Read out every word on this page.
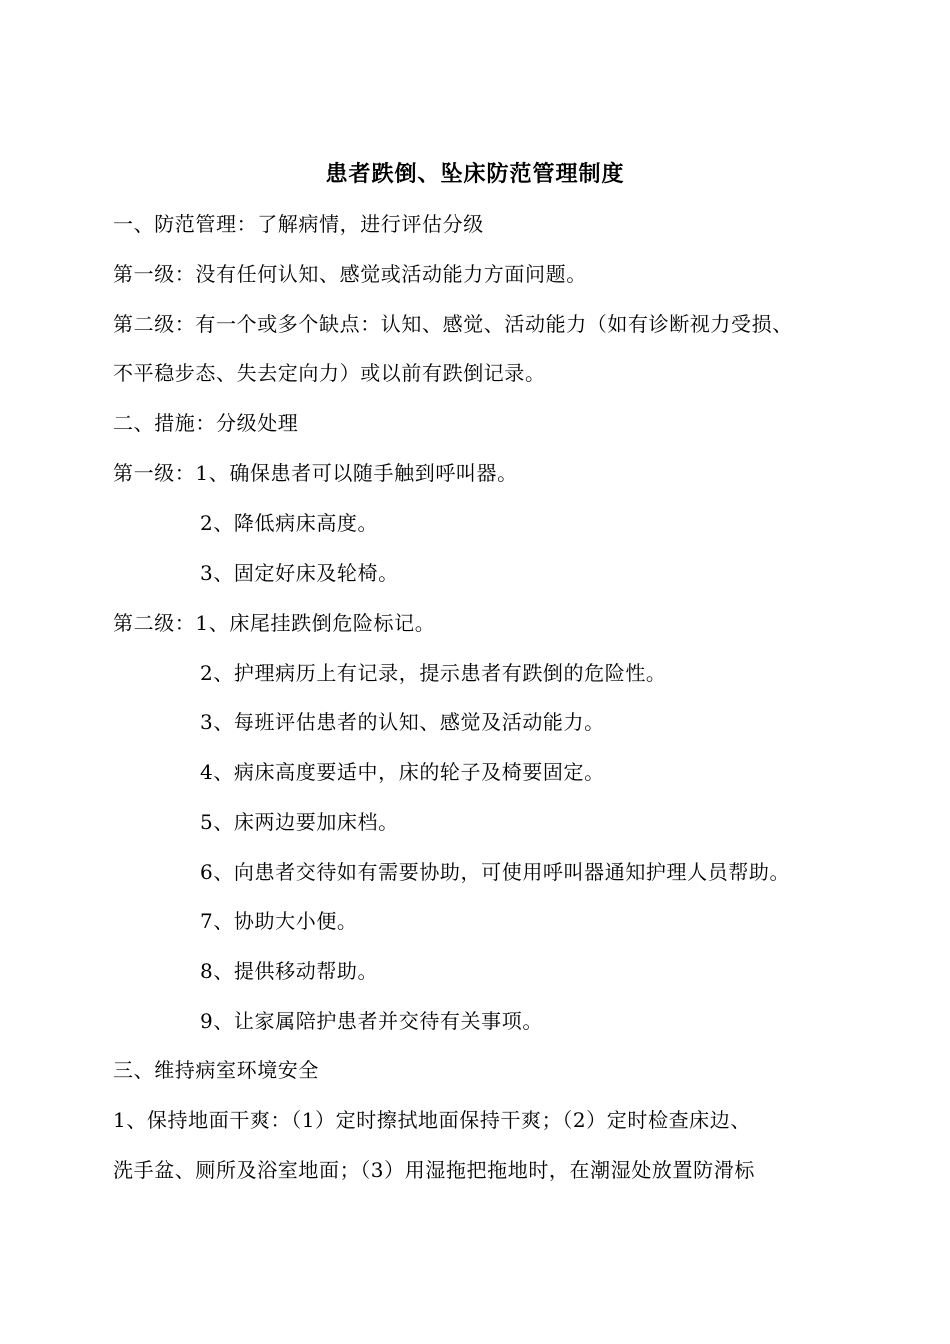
患者跌倒、坠床防范管理制度
一、防范管理：了解病情，进行评估分级
第一级：没有任何认知、感觉或活动能力方面问题。
第二级：有一个或多个缺点：认知、感觉、活动能力（如有诊断视力受损、
不平稳步态、失去定向力）或以前有跌倒记录。
二、措施：分级处理
第一级：1、确保患者可以随手触到呼叫器。
2、降低病床高度。
3、固定好床及轮椅。
第二级：1、床尾挂跌倒危险标记。
2、护理病历上有记录，提示患者有跌倒的危险性。
3、每班评估患者的认知、感觉及活动能力。
4、病床高度要适中，床的轮子及椅要固定。
5、床两边要加床档。
6、向患者交待如有需要协助，可使用呼叫器通知护理人员帮助。
7、协助大小便。
8、提供移动帮助。
9、让家属陪护患者并交待有关事项。
三、维持病室环境安全
1、保持地面干爽：（1）定时擦拭地面保持干爽；（2）定时检查床边、
洗手盆、厕所及浴室地面；（3）用湿拖把拖地时，在潮湿处放置防滑标
